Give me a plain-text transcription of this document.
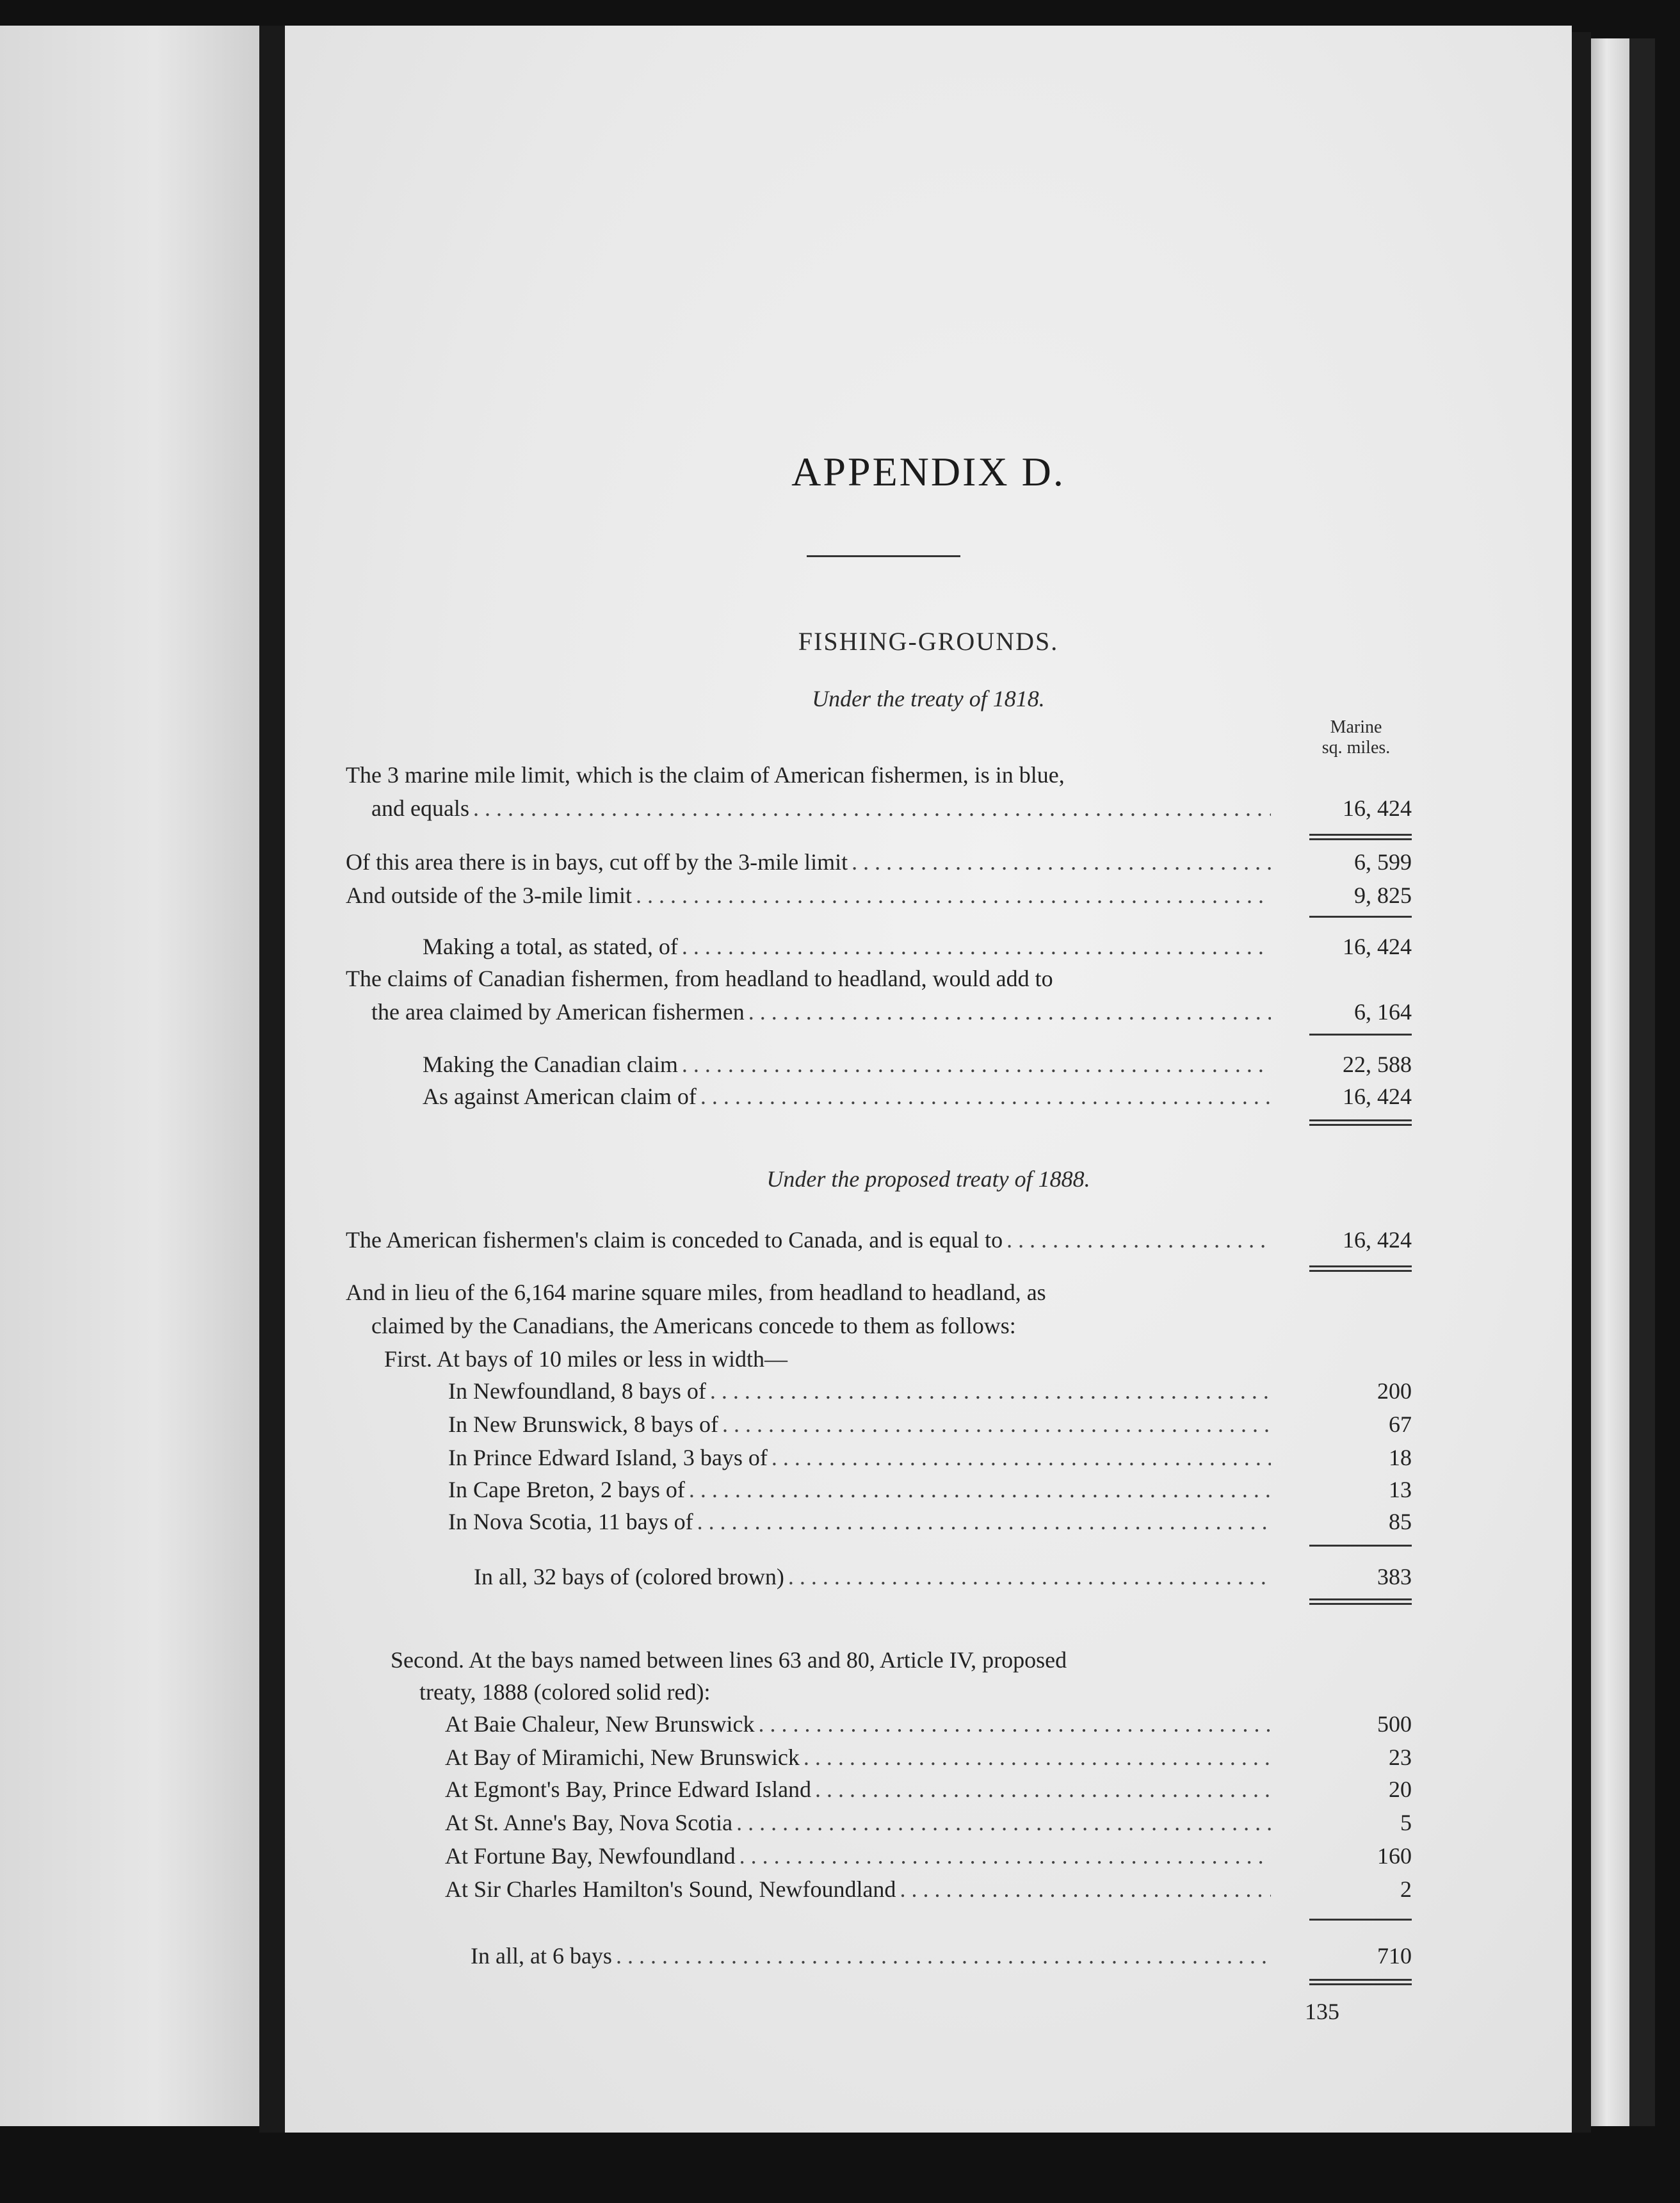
APPENDIX D.
FISHING-GROUNDS.
Under the treaty of 1818.
Marine
sq. miles.
The 3 marine mile limit, which is the claim of American fishermen, is in blue,
and equals . . .	16, 424
Of this area there is in bays, cut off by the 3-mile limit . . .	6, 599
And outside of the 3-mile limit . . .	9, 825
Making a total, as stated, of . . .	16, 424
The claims of Canadian fishermen, from headland to headland, would add to
the area claimed by American fishermen . . .	6, 164
Making the Canadian claim . . .	22, 588
As against American claim of . . .	16, 424
Under the proposed treaty of 1888.
The American fishermen's claim is conceded to Canada, and is equal to . . .	16, 424
And in lieu of the 6,164 marine square miles, from headland to headland, as
claimed by the Canadians, the Americans concede to them as follows:
First. At bays of 10 miles or less in width—
In Newfoundland, 8 bays of . . .	200
In New Brunswick, 8 bays of . . .	67
In Prince Edward Island, 3 bays of . . .	18
In Cape Breton, 2 bays of . . .	13
In Nova Scotia, 11 bays of . . .	85
In all, 32 bays of (colored brown) . . .	383
Second. At the bays named between lines 63 and 80, Article IV, proposed
treaty, 1888 (colored solid red):
At Baie Chaleur, New Brunswick . . .	500
At Bay of Miramichi, New Brunswick . . .	23
At Egmont's Bay, Prince Edward Island . . .	20
At St. Anne's Bay, Nova Scotia . . .	5
At Fortune Bay, Newfoundland . . .	160
At Sir Charles Hamilton's Sound, Newfoundland . . .	2
In all, at 6 bays . . .	710
135
